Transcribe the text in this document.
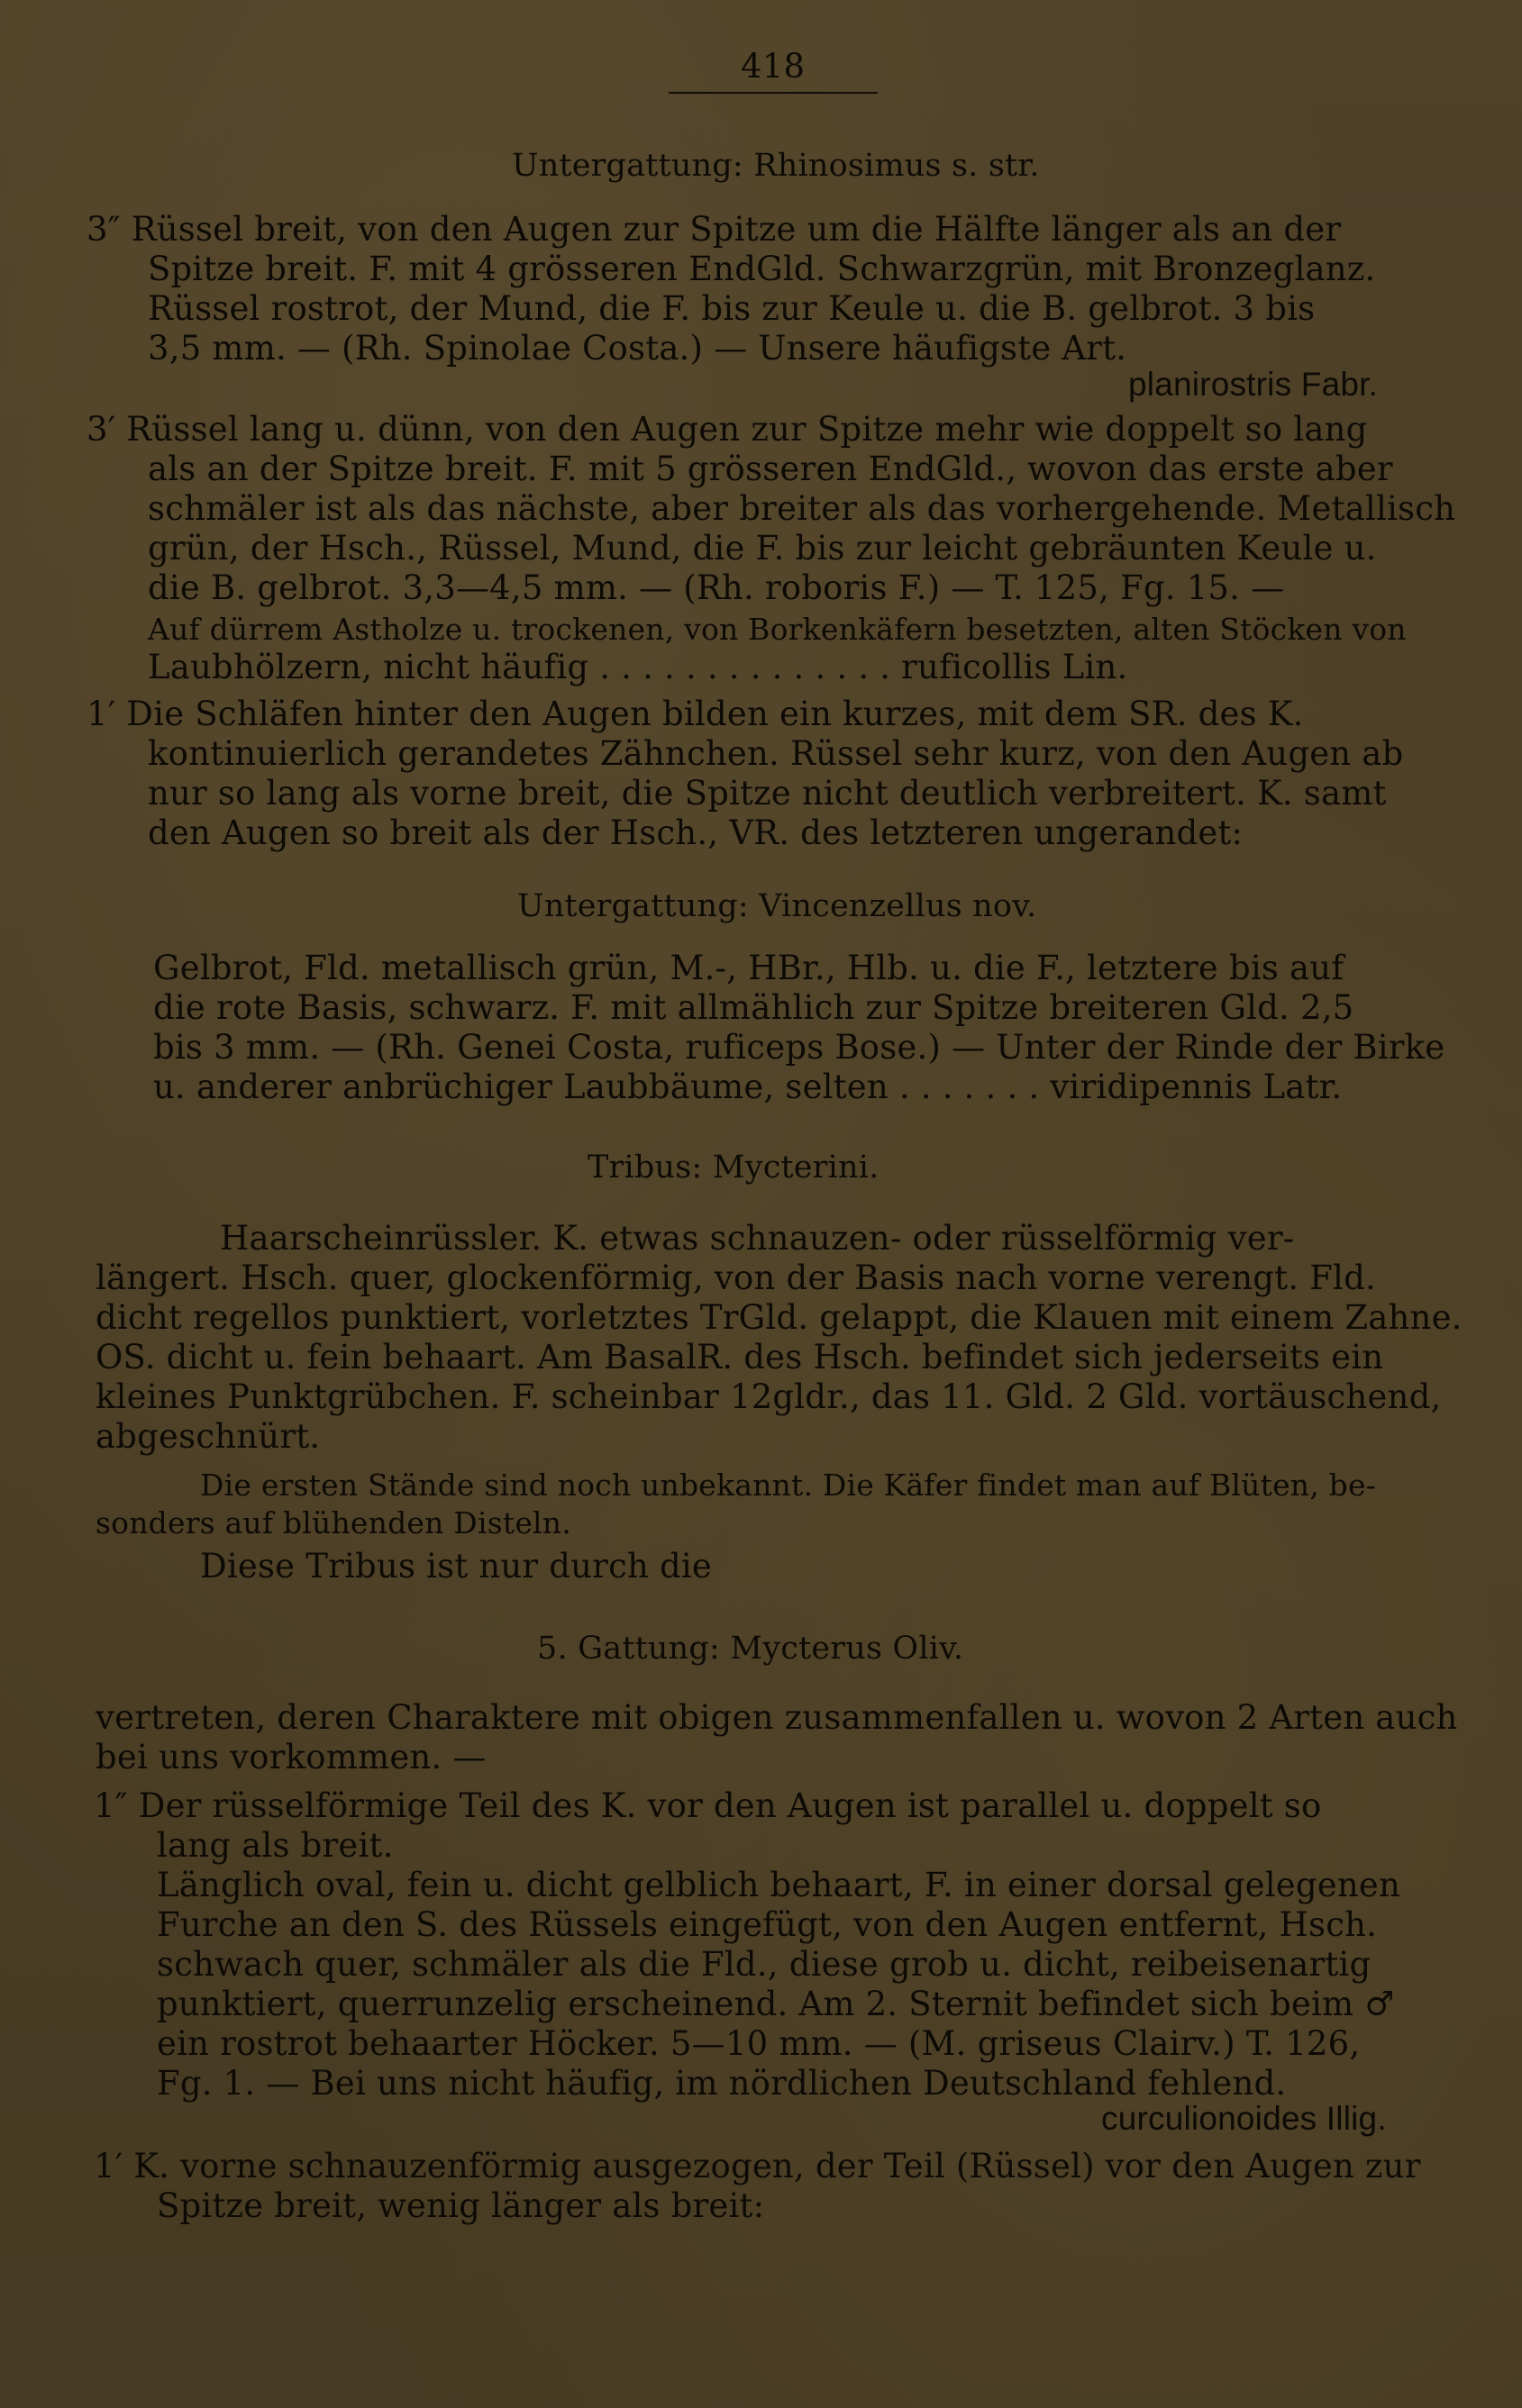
418
Untergattung: Rhinosimus s. str.
3″ Rüssel breit, von den Augen zur Spitze um die Hälfte länger als an der
Spitze breit. F. mit 4 grösseren EndGld. Schwarzgrün, mit Bronzeglanz.
Rüssel rostrot, der Mund, die F. bis zur Keule u. die B. gelbrot. 3 bis
3,5 mm. — (Rh. Spinolae Costa.) — Unsere häufigste Art.
planirostris Fabr.
3′ Rüssel lang u. dünn, von den Augen zur Spitze mehr wie doppelt so lang
als an der Spitze breit. F. mit 5 grösseren EndGld., wovon das erste aber
schmäler ist als das nächste, aber breiter als das vorhergehende. Metallisch
grün, der Hsch., Rüssel, Mund, die F. bis zur leicht gebräunten Keule u.
die B. gelbrot. 3,3—4,5 mm. — (Rh. roboris F.) — T. 125, Fg. 15. —
Auf dürrem Astholze u. trockenen, von Borkenkäfern besetzten, alten Stöcken von
Laubhölzern, nicht häufig . . . . . . . . . . . . . . ruficollis Lin.
1′ Die Schläfen hinter den Augen bilden ein kurzes, mit dem SR. des K.
kontinuierlich gerandetes Zähnchen. Rüssel sehr kurz, von den Augen ab
nur so lang als vorne breit, die Spitze nicht deutlich verbreitert. K. samt
den Augen so breit als der Hsch., VR. des letzteren ungerandet:
Untergattung: Vincenzellus nov.
Gelbrot, Fld. metallisch grün, M.-, HBr., Hlb. u. die F., letztere bis auf
die rote Basis, schwarz. F. mit allmählich zur Spitze breiteren Gld. 2,5
bis 3 mm. — (Rh. Genei Costa, ruficeps Bose.) — Unter der Rinde der Birke
u. anderer anbrüchiger Laubbäume, selten . . . . . . . viridipennis Latr.
Tribus: Mycterini.
Haarscheinrüssler. K. etwas schnauzen- oder rüsselförmig ver-
längert. Hsch. quer, glockenförmig, von der Basis nach vorne verengt. Fld.
dicht regellos punktiert, vorletztes TrGld. gelappt, die Klauen mit einem Zahne.
OS. dicht u. fein behaart. Am BasalR. des Hsch. befindet sich jederseits ein
kleines Punktgrübchen. F. scheinbar 12gldr., das 11. Gld. 2 Gld. vortäuschend,
abgeschnürt.
Die ersten Stände sind noch unbekannt. Die Käfer findet man auf Blüten, be-
sonders auf blühenden Disteln.
Diese Tribus ist nur durch die
5. Gattung: Mycterus Oliv.
vertreten, deren Charaktere mit obigen zusammenfallen u. wovon 2 Arten auch
bei uns vorkommen. —
1″ Der rüsselförmige Teil des K. vor den Augen ist parallel u. doppelt so
lang als breit.
Länglich oval, fein u. dicht gelblich behaart, F. in einer dorsal gelegenen
Furche an den S. des Rüssels eingefügt, von den Augen entfernt, Hsch.
schwach quer, schmäler als die Fld., diese grob u. dicht, reibeisenartig
punktiert, querrunzelig erscheinend. Am 2. Sternit befindet sich beim ♂
ein rostrot behaarter Höcker. 5—10 mm. — (M. griseus Clairv.) T. 126,
Fg. 1. — Bei uns nicht häufig, im nördlichen Deutschland fehlend.
curculionoides Illig.
1′ K. vorne schnauzenförmig ausgezogen, der Teil (Rüssel) vor den Augen zur
Spitze breit, wenig länger als breit:
